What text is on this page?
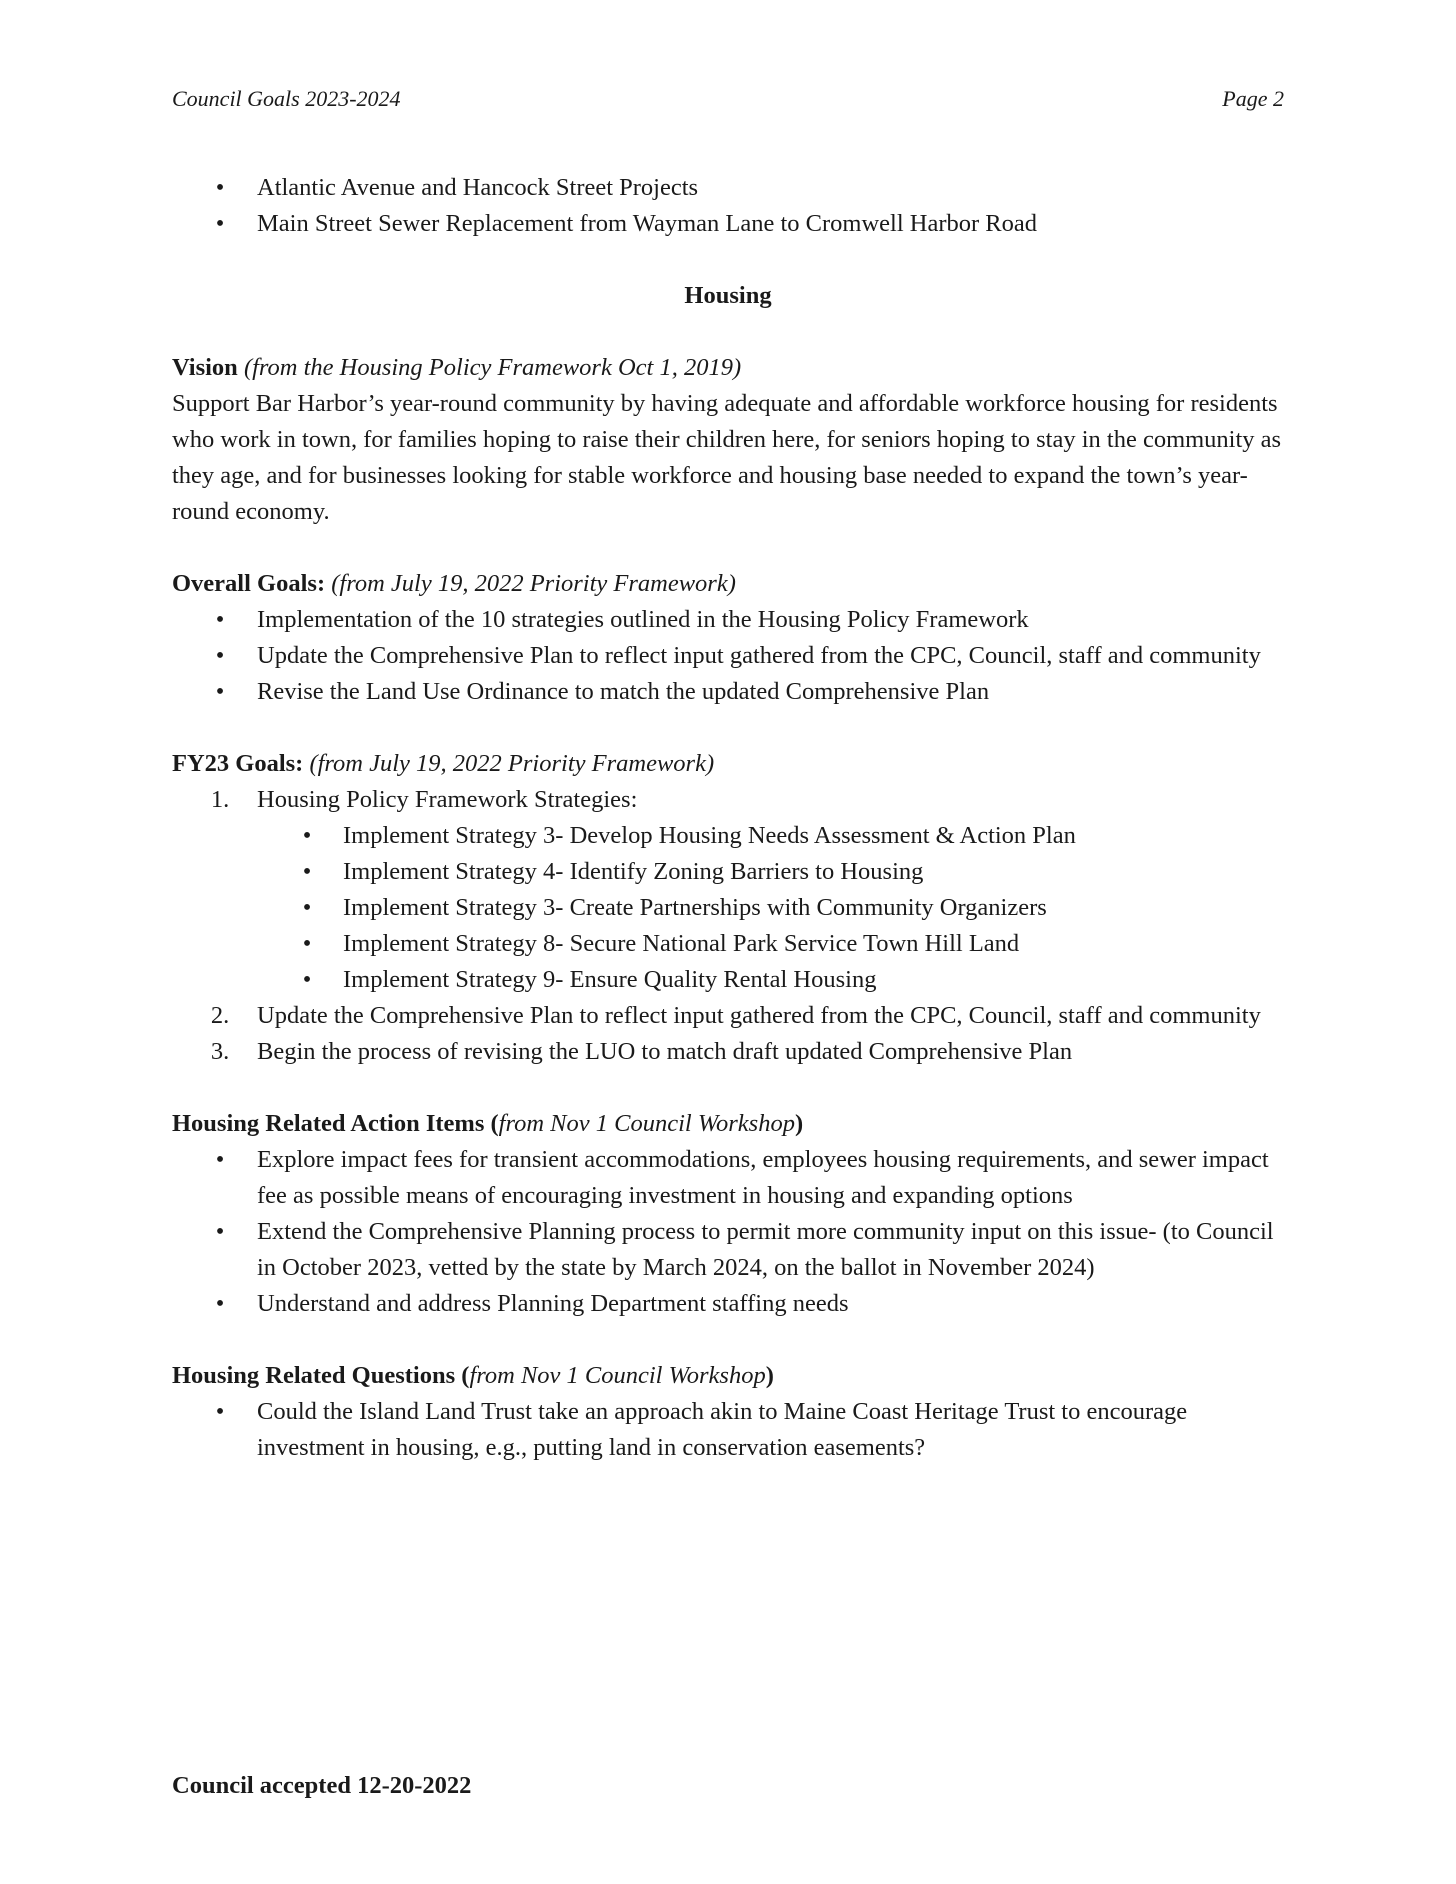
Council Goals 2023-2024	Page 2
•	Atlantic Avenue and Hancock Street Projects
•	Main Street Sewer Replacement from Wayman Lane to Cromwell Harbor Road
Housing
Vision (from the Housing Policy Framework Oct 1, 2019)

Support Bar Harbor’s year-round community by having adequate and affordable workforce housing for residents who work in town, for families hoping to raise their children here, for seniors hoping to stay in the community as they age, and for businesses looking for stable workforce and housing base needed to expand the town’s year-round economy.

Overall Goals: (from July 19, 2022 Priority Framework)
•	Implementation of the 10 strategies outlined in the Housing Policy Framework
•	Update the Comprehensive Plan to reflect input gathered from the CPC, Council, staff and community
•	Revise the Land Use Ordinance to match the updated Comprehensive Plan
FY23 Goals: (from July 19, 2022 Priority Framework)
1. Housing Policy Framework Strategies:
•	Implement Strategy 3- Develop Housing Needs Assessment & Action Plan
•	Implement Strategy 4- Identify Zoning Barriers to Housing
•	Implement Strategy 3- Create Partnerships with Community Organizers
•	Implement Strategy 8- Secure National Park Service Town Hill Land
•	Implement Strategy 9- Ensure Quality Rental Housing
2. Update the Comprehensive Plan to reflect input gathered from the CPC, Council, staff and community
3. Begin the process of revising the LUO to match draft updated Comprehensive Plan
Housing Related Action Items (from Nov 1 Council Workshop)
•	Explore impact fees for transient accommodations, employees housing requirements, and sewer impact fee as possible means of encouraging investment in housing and expanding options
•	Extend the Comprehensive Planning process to permit more community input on this issue- (to Council in October 2023, vetted by the state by March 2024, on the ballot in November 2024)
•	Understand and address Planning Department staffing needs
Housing Related Questions (from Nov 1 Council Workshop)
•	Could the Island Land Trust take an approach akin to Maine Coast Heritage Trust to encourage investment in housing, e.g., putting land in conservation easements?
Council accepted 12-20-2022
